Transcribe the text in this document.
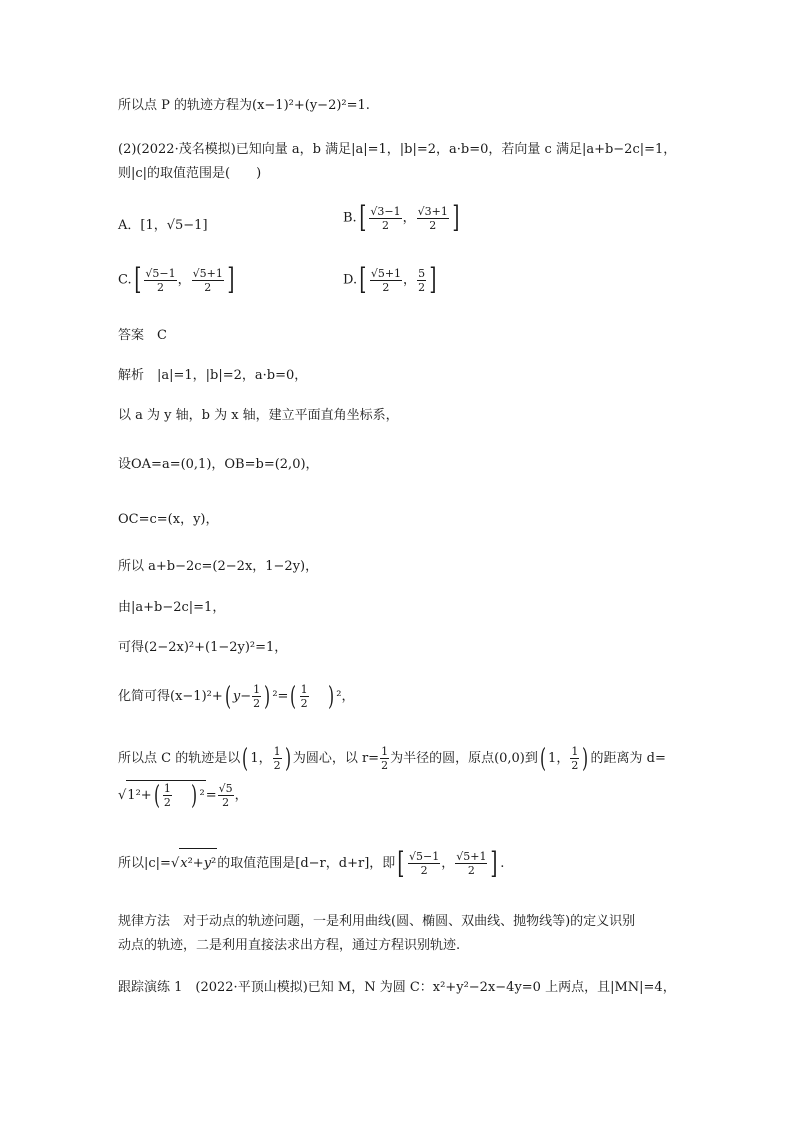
所以点 P 的轨迹方程为(x−1)²+(y−2)²=1.
(2)(2022·茂名模拟)已知向量 a，b 满足|a|=1，|b|=2，a·b=0，若向量 c 满足|a+b−2c|=1，
则|c|的取值范围是(　　)
A．[1，√5−1]	$B.[ \frac{√3-1}{2}$ ， $\frac{√3+1}{2}$ ]
$C.[ \frac{√5-1}{2}$ ， $\frac{√5+1}{2}$ ]	$D.[ \frac{√5+1}{2}$ ， $\frac{5}{2}$ ]
答案　C
解析　|a|=1，|b|=2，a·b=0，
以 a 为 y 轴，b 为 x 轴，建立平面直角坐标系，
设OA=a=(0,1)，OB=b=(2,0)，
OC=c=(x，y)，
所以 a+b−2c=(2−2x，1−2y)，
由|a+b−2c|=1，
可得(2−2x)²+(1−2y)²=1，
化简可得(x−1)²+( $y- \frac{1}{2}$ ) $^2=( \frac{1}{2}$ ) ²，
所以点 C 的轨迹是以( 1， $\frac{1}{2}$ ) 为圆心，以 $r= \frac{1}{2}$ 为半径的圆，原点(0,0)到( 1， $\frac{1}{2}$ ) 的距离为 d=
$√1^2+( \frac{1}{2}$ ) $^2= \frac{√5}{2}$ ，
所以|c|=√x²+y²的取值范围是[d−r，d+r]，即[ $\frac{√5-1}{2}$ ， $\frac{√5+1}{2}$ ] .
规律方法　对于动点的轨迹问题，一是利用曲线(圆、椭圆、双曲线、抛物线等)的定义识别
动点的轨迹，二是利用直接法求出方程，通过方程识别轨迹.
跟踪演练 1　(2022·平顶山模拟)已知 M，N 为圆 C：x²+y²−2x−4y=0 上两点，且|MN|=4，
